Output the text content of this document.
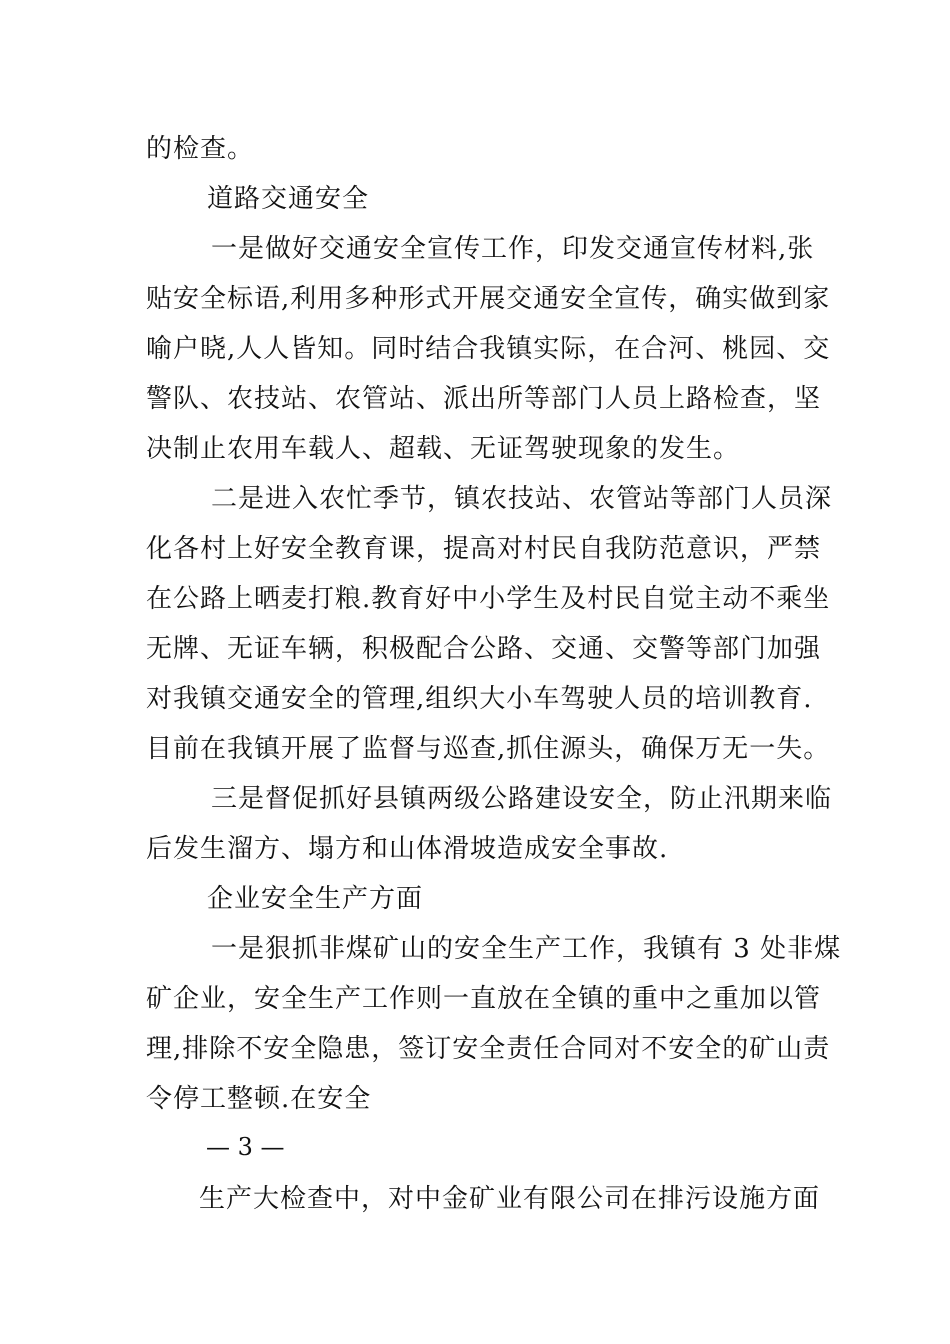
的检查。
道路交通安全
一是做好交通安全宣传工作，印发交通宣传材料,张
贴安全标语,利用多种形式开展交通安全宣传，确实做到家
喻户晓,人人皆知。同时结合我镇实际，在合河、桃园、交
警队、农技站、农管站、派出所等部门人员上路检查，坚
决制止农用车载人、超载、无证驾驶现象的发生。
二是进入农忙季节，镇农技站、农管站等部门人员深
化各村上好安全教育课，提高对村民自我防范意识，严禁
在公路上晒麦打粮.教育好中小学生及村民自觉主动不乘坐
无牌、无证车辆，积极配合公路、交通、交警等部门加强
对我镇交通安全的管理,组织大小车驾驶人员的培训教育.
目前在我镇开展了监督与巡查,抓住源头，确保万无一失。
三是督促抓好县镇两级公路建设安全，防止汛期来临
后发生溜方、塌方和山体滑坡造成安全事故.
企业安全生产方面
一是狠抓非煤矿山的安全生产工作，我镇有 3 处非煤
矿企业，安全生产工作则一直放在全镇的重中之重加以管
理,排除不安全隐患，签订安全责任合同对不安全的矿山责
令停工整顿.在安全
— 3 —
生产大检查中，对中金矿业有限公司在排污设施方面
